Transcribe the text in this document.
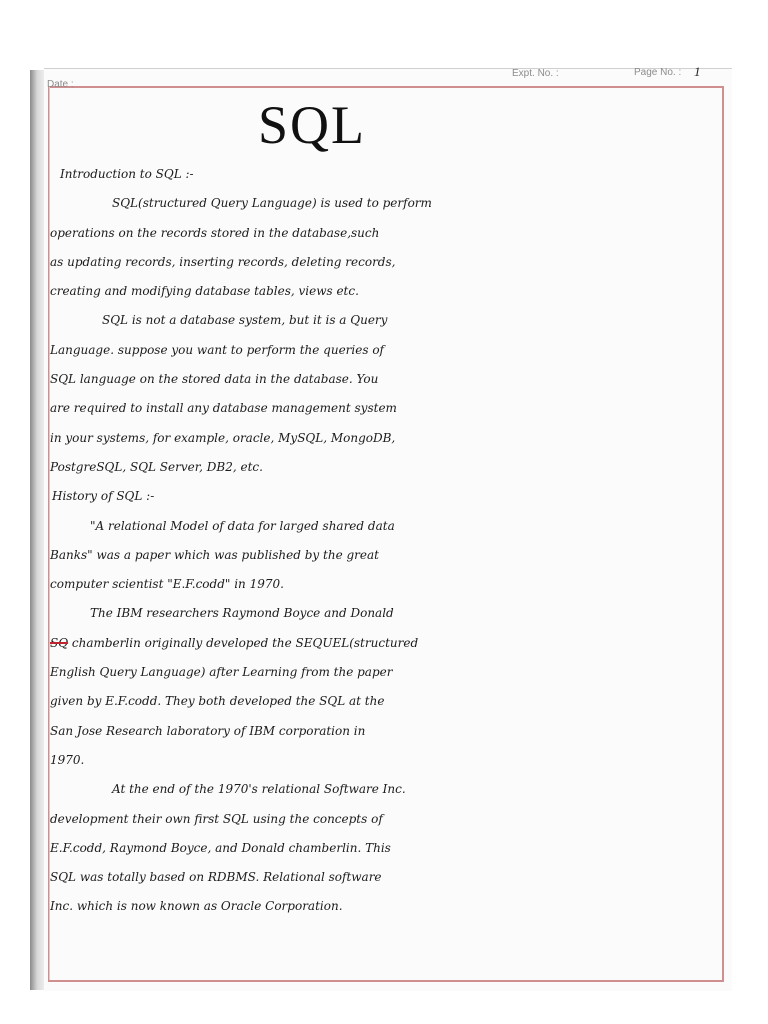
Date :
Expt. No. :	Page No. : 1
SQL
Introduction to SQL :-
SQL(structured Query Language) is used to perform
operations on the records stored in the database,such
as updating records, inserting records, deleting records,
creating and modifying database tables, views etc.
SQL is not a database system, but it is a Query
Language. suppose you want to perform the queries of
SQL language on the stored data in the database. You
are required to install any database management system
in your systems, for example, oracle, MySQL, MongoDB,
PostgreSQL, SQL Server, DB2, etc.
History of SQL :-
"A relational Model of data for larged shared data
Banks" was a paper which was published by the great
computer scientist "E.F.codd" in 1970.
The IBM researchers Raymond Boyce and Donald
SQ chamberlin originally developed the SEQUEL(structured
English Query Language) after Learning from the paper
given by E.F.codd. They both developed the SQL at the
San Jose Research laboratory of IBM corporation in
1970.
At the end of the 1970's relational Software Inc.
development their own first SQL using the concepts of
E.F.codd, Raymond Boyce, and Donald chamberlin. This
SQL was totally based on RDBMS. Relational software
Inc. which is now known as Oracle Corporation.
